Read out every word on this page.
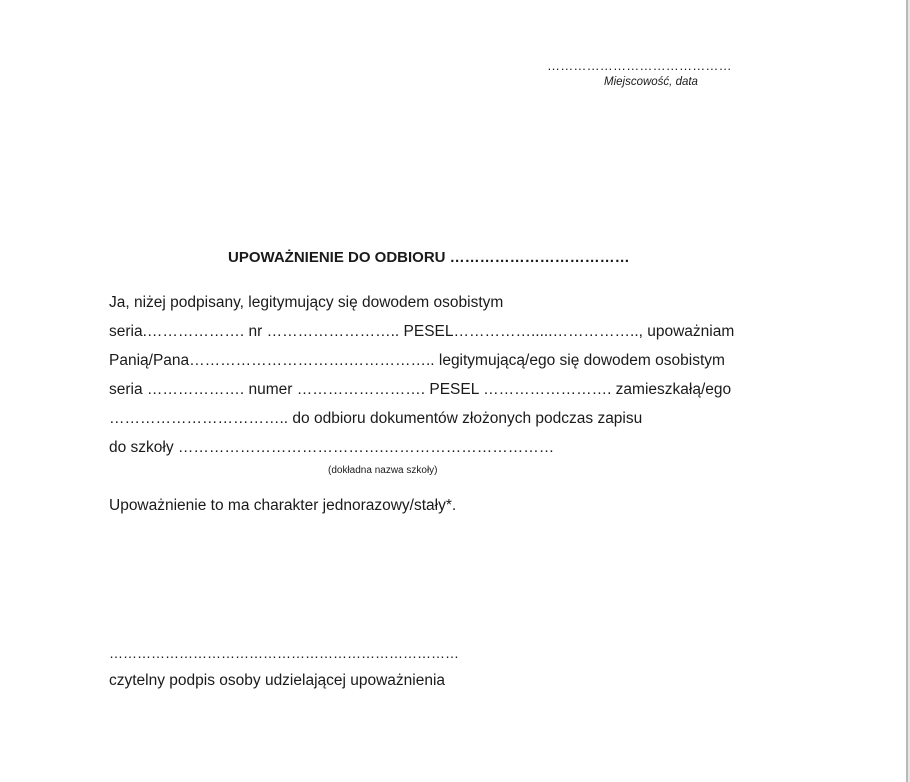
……………………………………
Miejscowość, data
UPOWAŻNIENIE DO ODBIORU ………………………………
Ja, niżej podpisany, legitymujący się dowodem osobistym
seria.………………. nr …………………….. PESEL…………….....…………….., upoważniam
Panią/Pana………………………….…………….. legitymującą/ego się dowodem osobistym
seria ………………. numer ……………………. PESEL ……………………. zamieszkałą/ego
…………………………….. do odbioru dokumentów złożonych podczas zapisu
do szkoły ………………………………….……………………………
(dokładna nazwa szkoły)
Upoważnienie to ma charakter jednorazowy/stały*.
…………………………………………………………………
czytelny podpis osoby udzielającej upoważnienia
